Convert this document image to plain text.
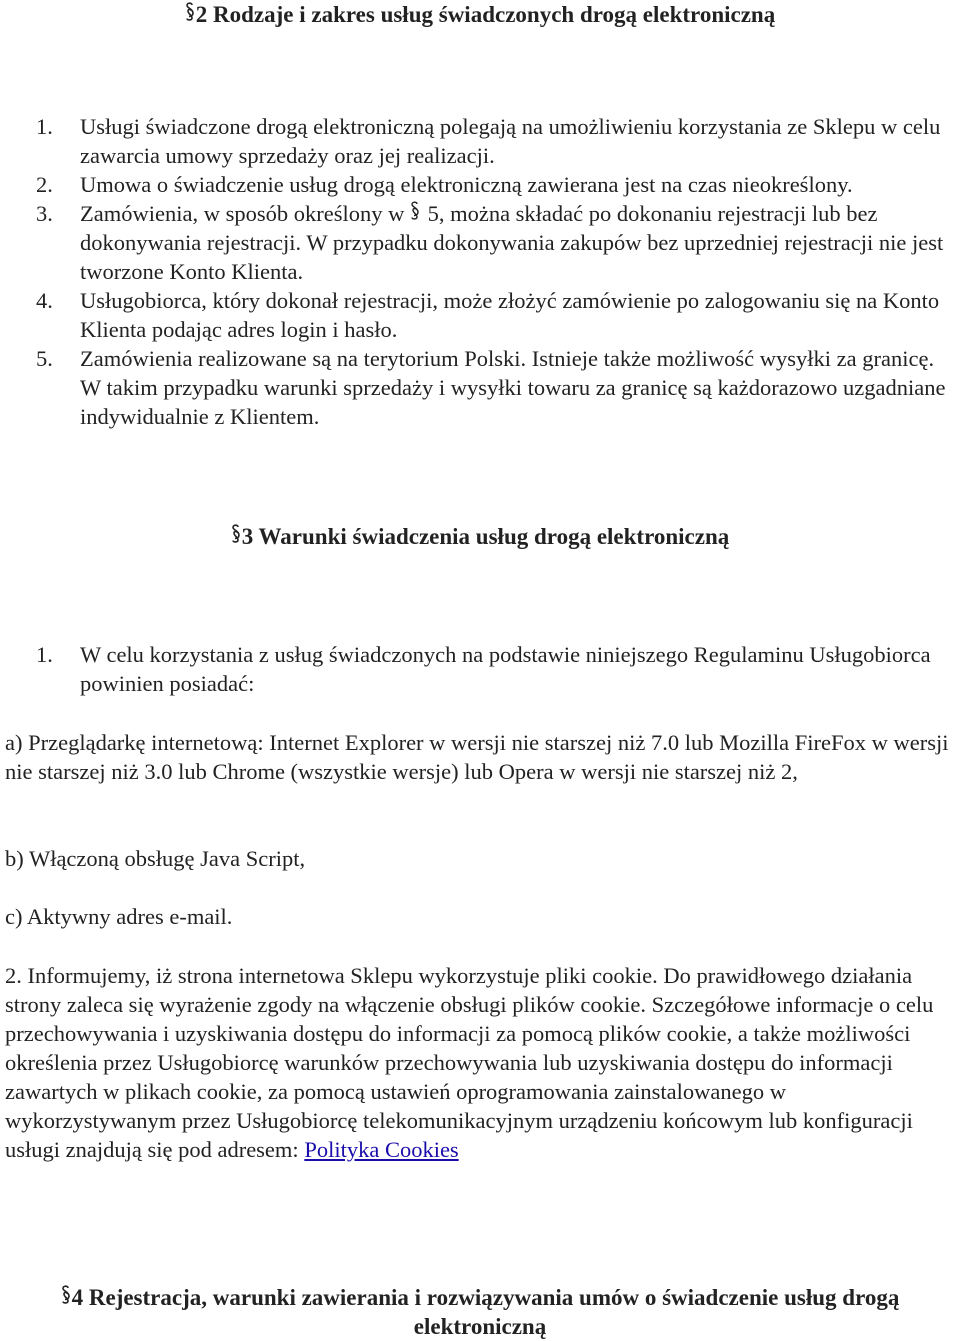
2 Rodzaje i zakres usług świadczonych drogą elektroniczną
1. Usługi świadczone drogą elektroniczną polegają na umożliwieniu korzystania ze Sklepu w celu zawarcia umowy sprzedaży oraz jej realizacji.
2. Umowa o świadczenie usług drogą elektroniczną zawierana jest na czas nieokreślony.
3. Zamówienia, w sposób określony w 5, można składać po dokonaniu rejestracji lub bez dokonywania rejestracji. W przypadku dokonywania zakupów bez uprzedniej rejestracji nie jest tworzone Konto Klienta.
4. Usługobiorca, który dokonał rejestracji, może złożyć zamówienie po zalogowaniu się na Konto Klienta podając adres login i hasło.
5. Zamówienia realizowane są na terytorium Polski. Istnieje także możliwość wysyłki za granicę. W takim przypadku warunki sprzedaży i wysyłki towaru za granicę są każdorazowo uzgadniane indywidualnie z Klientem.
3 Warunki świadczenia usług drogą elektroniczną
1. W celu korzystania z usług świadczonych na podstawie niniejszego Regulaminu Usługobiorca powinien posiadać:

a) Przeglądarkę internetową: Internet Explorer w wersji nie starszej niż 7.0 lub Mozilla FireFox w wersji nie starszej niż 3.0 lub Chrome (wszystkie wersje) lub Opera w wersji nie starszej niż 2,

b) Włączoną obsługę Java Script,

c) Aktywny adres e-mail.

2. Informujemy, iż strona internetowa Sklepu wykorzystuje pliki cookie. Do prawidłowego działania strony zaleca się wyrażenie zgody na włączenie obsługi plików cookie. Szczegółowe informacje o celu przechowywania i uzyskiwania dostępu do informacji za pomocą plików cookie, a także możliwości określenia przez Usługobiorcę warunków przechowywania lub uzyskiwania dostępu do informacji zawartych w plikach cookie, za pomocą ustawień oprogramowania zainstalowanego w wykorzystywanym przez Usługobiorcę telekomunikacyjnym urządzeniu końcowym lub konfiguracji usługi znajdują się pod adresem: Polityka Cookies

4 Rejestracja, warunki zawierania i rozwiązywania umów o świadczenie usług drogą elektroniczną
